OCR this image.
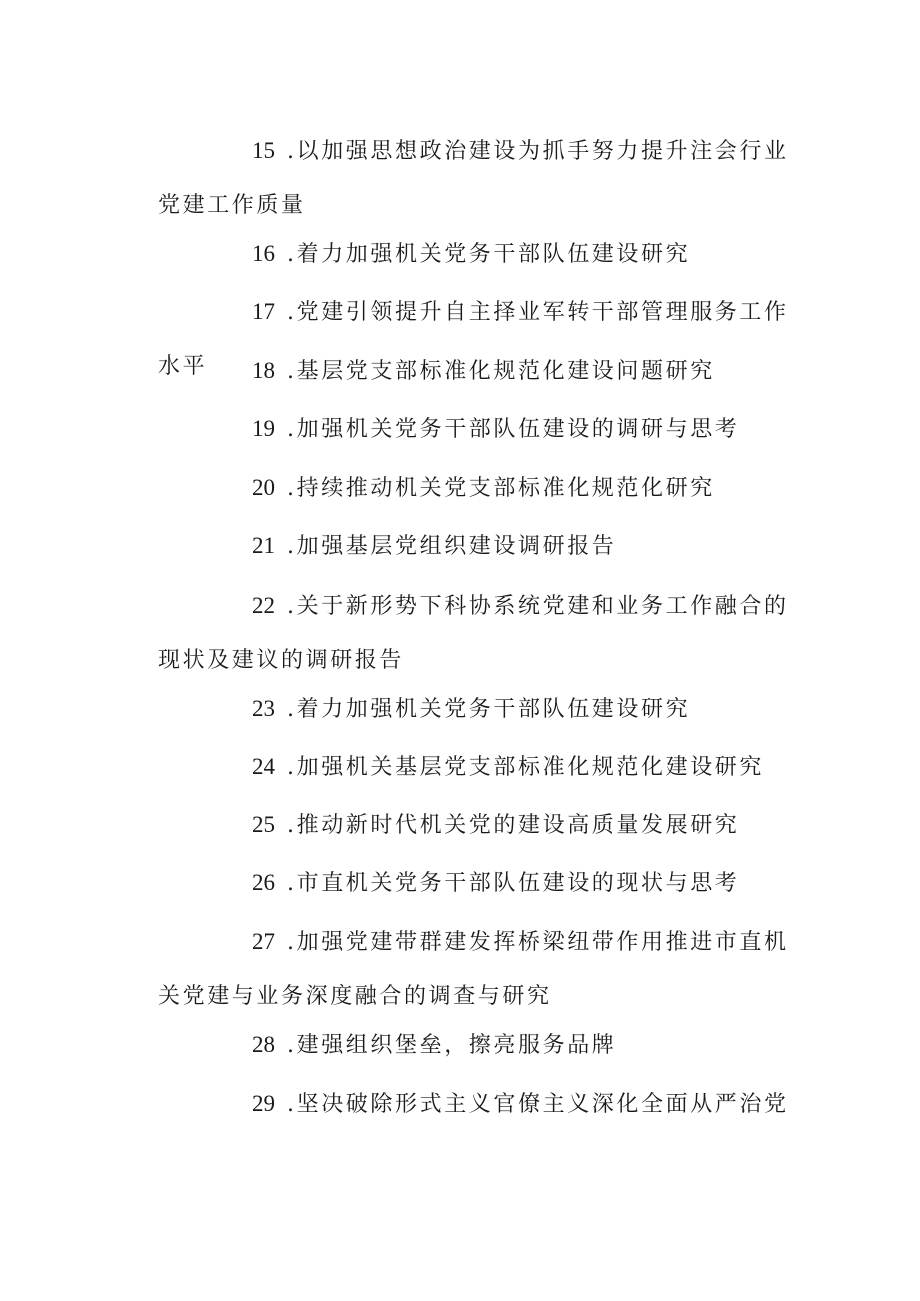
15 .以加强思想政治建设为抓手努力提升注会行业党建工作质量

16 .着力加强机关党务干部队伍建设研究

17 .党建引领提升自主择业军转干部管理服务工作水平	18 .基层党支部标准化规范化建设问题研究

19 .加强机关党务干部队伍建设的调研与思考

20 .持续推动机关党支部标准化规范化研究

21 .加强基层党组织建设调研报告

22 .关于新形势下科协系统党建和业务工作融合的现状及建议的调研报告

23 .着力加强机关党务干部队伍建设研究

24 .加强机关基层党支部标准化规范化建设研究

25 .推动新时代机关党的建设高质量发展研究

26 .市直机关党务干部队伍建设的现状与思考

27 .加强党建带群建发挥桥梁纽带作用推进市直机关党建与业务深度融合的调查与研究

28 .建强组织堡垒，擦亮服务品牌

29 .坚决破除形式主义官僚主义深化全面从严治党
